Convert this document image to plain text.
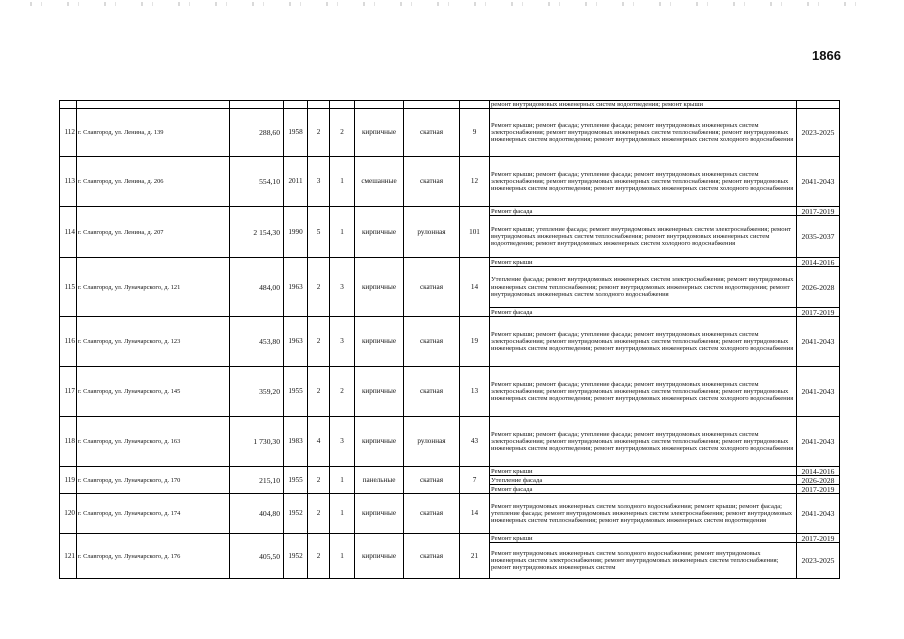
1866
									ремонт внутридомовых инженерных систем водоотведения; ремонт крыши	
112	г. Славгород, ул. Ленина, д. 139	288,60	1958	2	2	кирпичные	скатная	9	Ремонт крыши; ремонт фасада; утепление фасада; ремонт внутридомовых инженерных систем электроснабжения; ремонт внутридомовых инженерных систем теплоснабжения; ремонт внутридомовых инженерных систем водоотведения; ремонт внутридомовых инженерных систем холодного водоснабжения	2023-2025
113	г. Славгород, ул. Ленина, д. 206	554,10	2011	3	1	смешанные	скатная	12	Ремонт крыши; ремонт фасада; утепление фасада; ремонт внутридомовых инженерных систем электроснабжения; ремонт внутридомовых инженерных систем теплоснабжения; ремонт внутридомовых инженерных систем водоотведения; ремонт внутридомовых инженерных систем холодного водоснабжения	2041-2043
114	г. Славгород, ул. Ленина, д. 207	2 154,30	1990	5	1	кирпичные	рулонная	101	Ремонт фасада	2017-2019
									Ремонт крыши; утепление фасада; ремонт внутридомовых инженерных систем электроснабжения; ремонт внутридомовых инженерных систем теплоснабжения; ремонт внутридомовых инженерных систем водоотведения; ремонт внутридомовых инженерных систем холодного водоснабжения	2035-2037
115	г. Славгород, ул. Луначарского, д. 121	484,00	1963	2	3	кирпичные	скатная	14	Ремонт крыши	2014-2016
									Утепление фасада; ремонт внутридомовых инженерных систем электроснабжения; ремонт внутридомовых инженерных систем теплоснабжения; ремонт внутридомовых инженерных систем водоотведения; ремонт внутридомовых инженерных систем холодного водоснабжения	2026-2028
									Ремонт фасада	2017-2019
116	г. Славгород, ул. Луначарского, д. 123	453,80	1963	2	3	кирпичные	скатная	19	Ремонт крыши; ремонт фасада; утепление фасада; ремонт внутридомовых инженерных систем электроснабжения; ремонт внутридомовых инженерных систем теплоснабжения; ремонт внутридомовых инженерных систем водоотведения; ремонт внутридомовых инженерных систем холодного водоснабжения	2041-2043
117	г. Славгород, ул. Луначарского, д. 145	359,20	1955	2	2	кирпичные	скатная	13	Ремонт крыши; ремонт фасада; утепление фасада; ремонт внутридомовых инженерных систем электроснабжения; ремонт внутридомовых инженерных систем теплоснабжения; ремонт внутридомовых инженерных систем водоотведения; ремонт внутридомовых инженерных систем холодного водоснабжения	2041-2043
118	г. Славгород, ул. Луначарского, д. 163	1 730,30	1983	4	3	кирпичные	рулонная	43	Ремонт крыши; ремонт фасада; утепление фасада; ремонт внутридомовых инженерных систем электроснабжения; ремонт внутридомовых инженерных систем теплоснабжения; ремонт внутридомовых инженерных систем водоотведения; ремонт внутридомовых инженерных систем холодного водоснабжения	2041-2043
119	г. Славгород, ул. Луначарского, д. 170	215,10	1955	2	1	панельные	скатная	7	Ремонт крыши	2014-2016
									Утепление фасада	2026-2028
									Ремонт фасада	2017-2019
120	г. Славгород, ул. Луначарского, д. 174	404,80	1952	2	1	кирпичные	скатная	14	Ремонт внутридомовых инженерных систем холодного водоснабжения; ремонт крыши; ремонт фасада; утепление фасада; ремонт внутридомовых инженерных систем электроснабжения; ремонт внутридомовых инженерных систем теплоснабжения; ремонт внутридомовых инженерных систем водоотведения	2041-2043
121	г. Славгород, ул. Луначарского, д. 176	405,50	1952	2	1	кирпичные	скатная	21	Ремонт крыши	2017-2019
									Ремонт внутридомовых инженерных систем холодного водоснабжения; ремонт внутридомовых инженерных систем электроснабжения; ремонт внутридомовых инженерных систем теплоснабжения; ремонт внутридомовых инженерных систем	2023-2025
